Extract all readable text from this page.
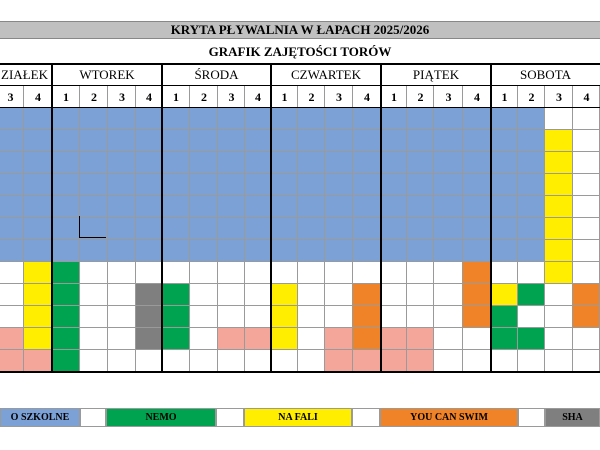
KRYTA PŁYWALNIA W ŁAPACH 2025/2026
GRAFIK ZAJĘTOŚCI TORÓW
ZIAŁEK
3	4
WTOREK
1	2	3	4
ŚRODA
1	2	3	4
CZWARTEK
1	2	3	4
PIĄTEK
1	2	3	4
SOBOTA
1	2	3	4
O SZKOLNE	NEMO	NA FALI	YOU CAN SWIM	SHA
